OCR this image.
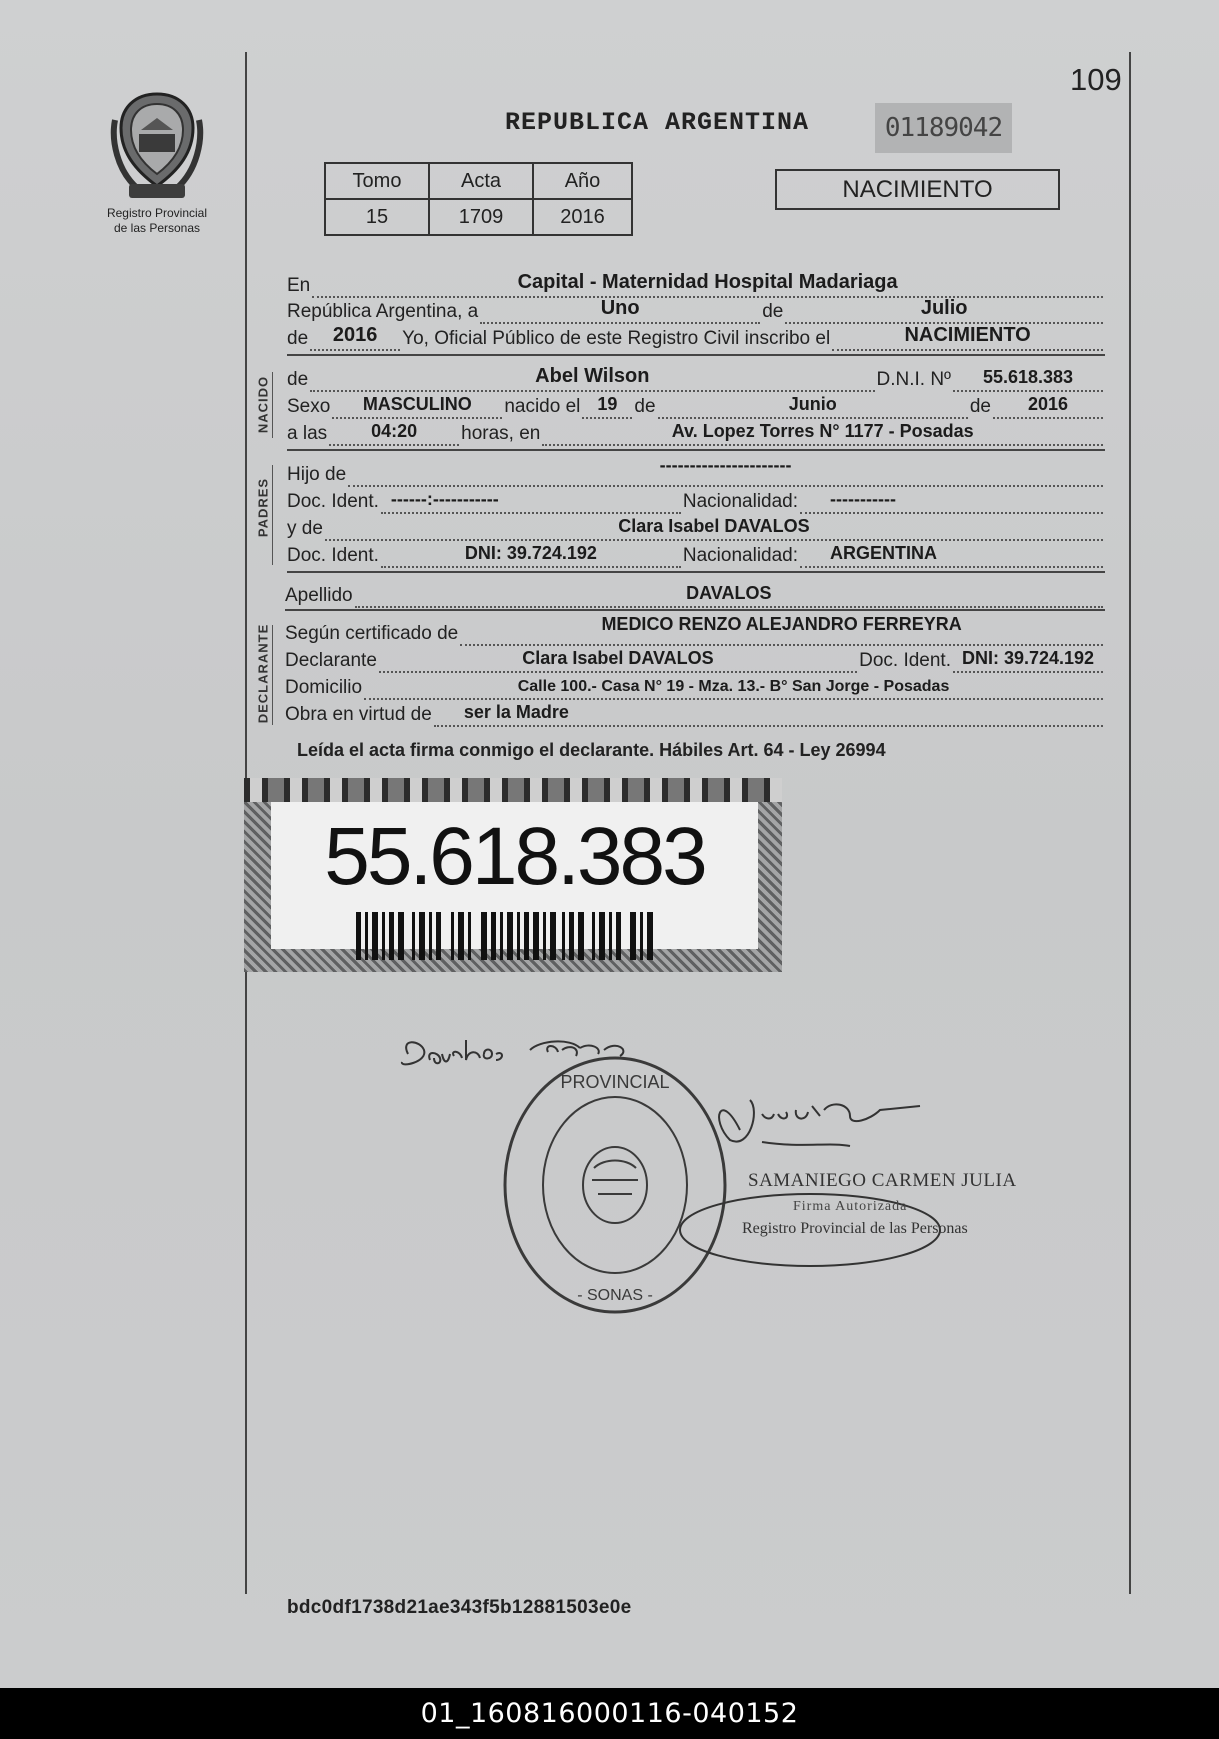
109
Registro Provincial
de las Personas
REPUBLICA ARGENTINA	01189042
Tomo	Acta	Año
15	1709	2016
NACIMIENTO
En	Capital - Maternidad Hospital Madariaga
República Argentina, a	Uno	de	Julio
de	2016	Yo, Oficial Público de este Registro Civil inscribo el	NACIMIENTO
NACIDO de	Abel Wilson	D.N.I. Nº	55.618.383
Sexo	MASCULINO	nacido el 19 de	Junio	de	2016
a las	04:20	horas, en	Av. Lopez Torres N° 1177 - Posadas
PADRES
Hijo de	----------------------
Doc. Ident. ------:-----------	Nacionalidad: -----------
y de	Clara Isabel DAVALOS
Doc. Ident.	DNI: 39.724.192	Nacionalidad: ARGENTINA
Apellido	DAVALOS
DECLARANTE Según certificado de	MEDICO RENZO ALEJANDRO FERREYRA
Declarante	Clara Isabel DAVALOS	Doc. Ident. DNI: 39.724.192
Domicilio	Calle 100.- Casa N° 19 - Mza. 13.- B° San Jorge - Posadas
Obra en virtud de ser la Madre
Leída el acta firma conmigo el declarante. Hábiles Art. 64 - Ley 26994
55.618.383
PROVINCIAL
- SONAS -
SAMANIEGO CARMEN JULIA
Firma Autorizada
Registro Provincial de las Personas
bdc0df1738d21ae343f5b12881503e0e
01_160816000116-040152
